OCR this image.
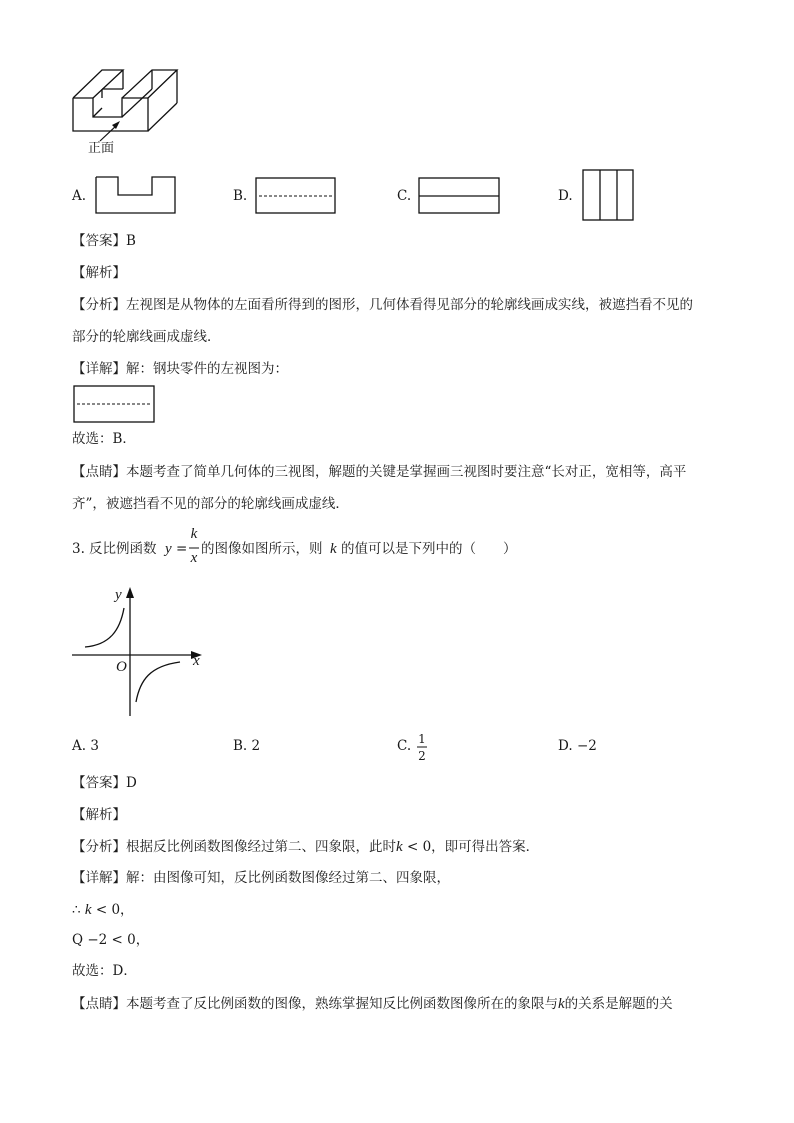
正面
A.	B.	C.	D.
【答案】B
【解析】
【分析】左视图是从物体的左面看所得到的图形，几何体看得见部分的轮廓线画成实线，被遮挡看不见的
部分的轮廓线画成虚线．
【详解】解：钢块零件的左视图为：
故选：B．
【点睛】本题考查了简单几何体的三视图，解题的关键是掌握画三视图时要注意“长对正，宽相等，高平
齐”，被遮挡看不见的部分的轮廓线画成虚线．
3. 反比例函数 y =
k
x
的图像如图所示，则 k 的值可以是下列中的（　　）
y
x
O
A. 3	B. 2	C. 1
2
D. −2
【答案】D
【解析】
【分析】根据反比例函数图像经过第二、四象限，此时k < 0，即可得出答案．
【详解】解：由图像可知，反比例函数图像经过第二、四象限，
∴ k < 0，
Q −2 < 0，
故选：D．
【点睛】本题考查了反比例函数的图像，熟练掌握知反比例函数图像所在的象限与k的关系是解题的关
